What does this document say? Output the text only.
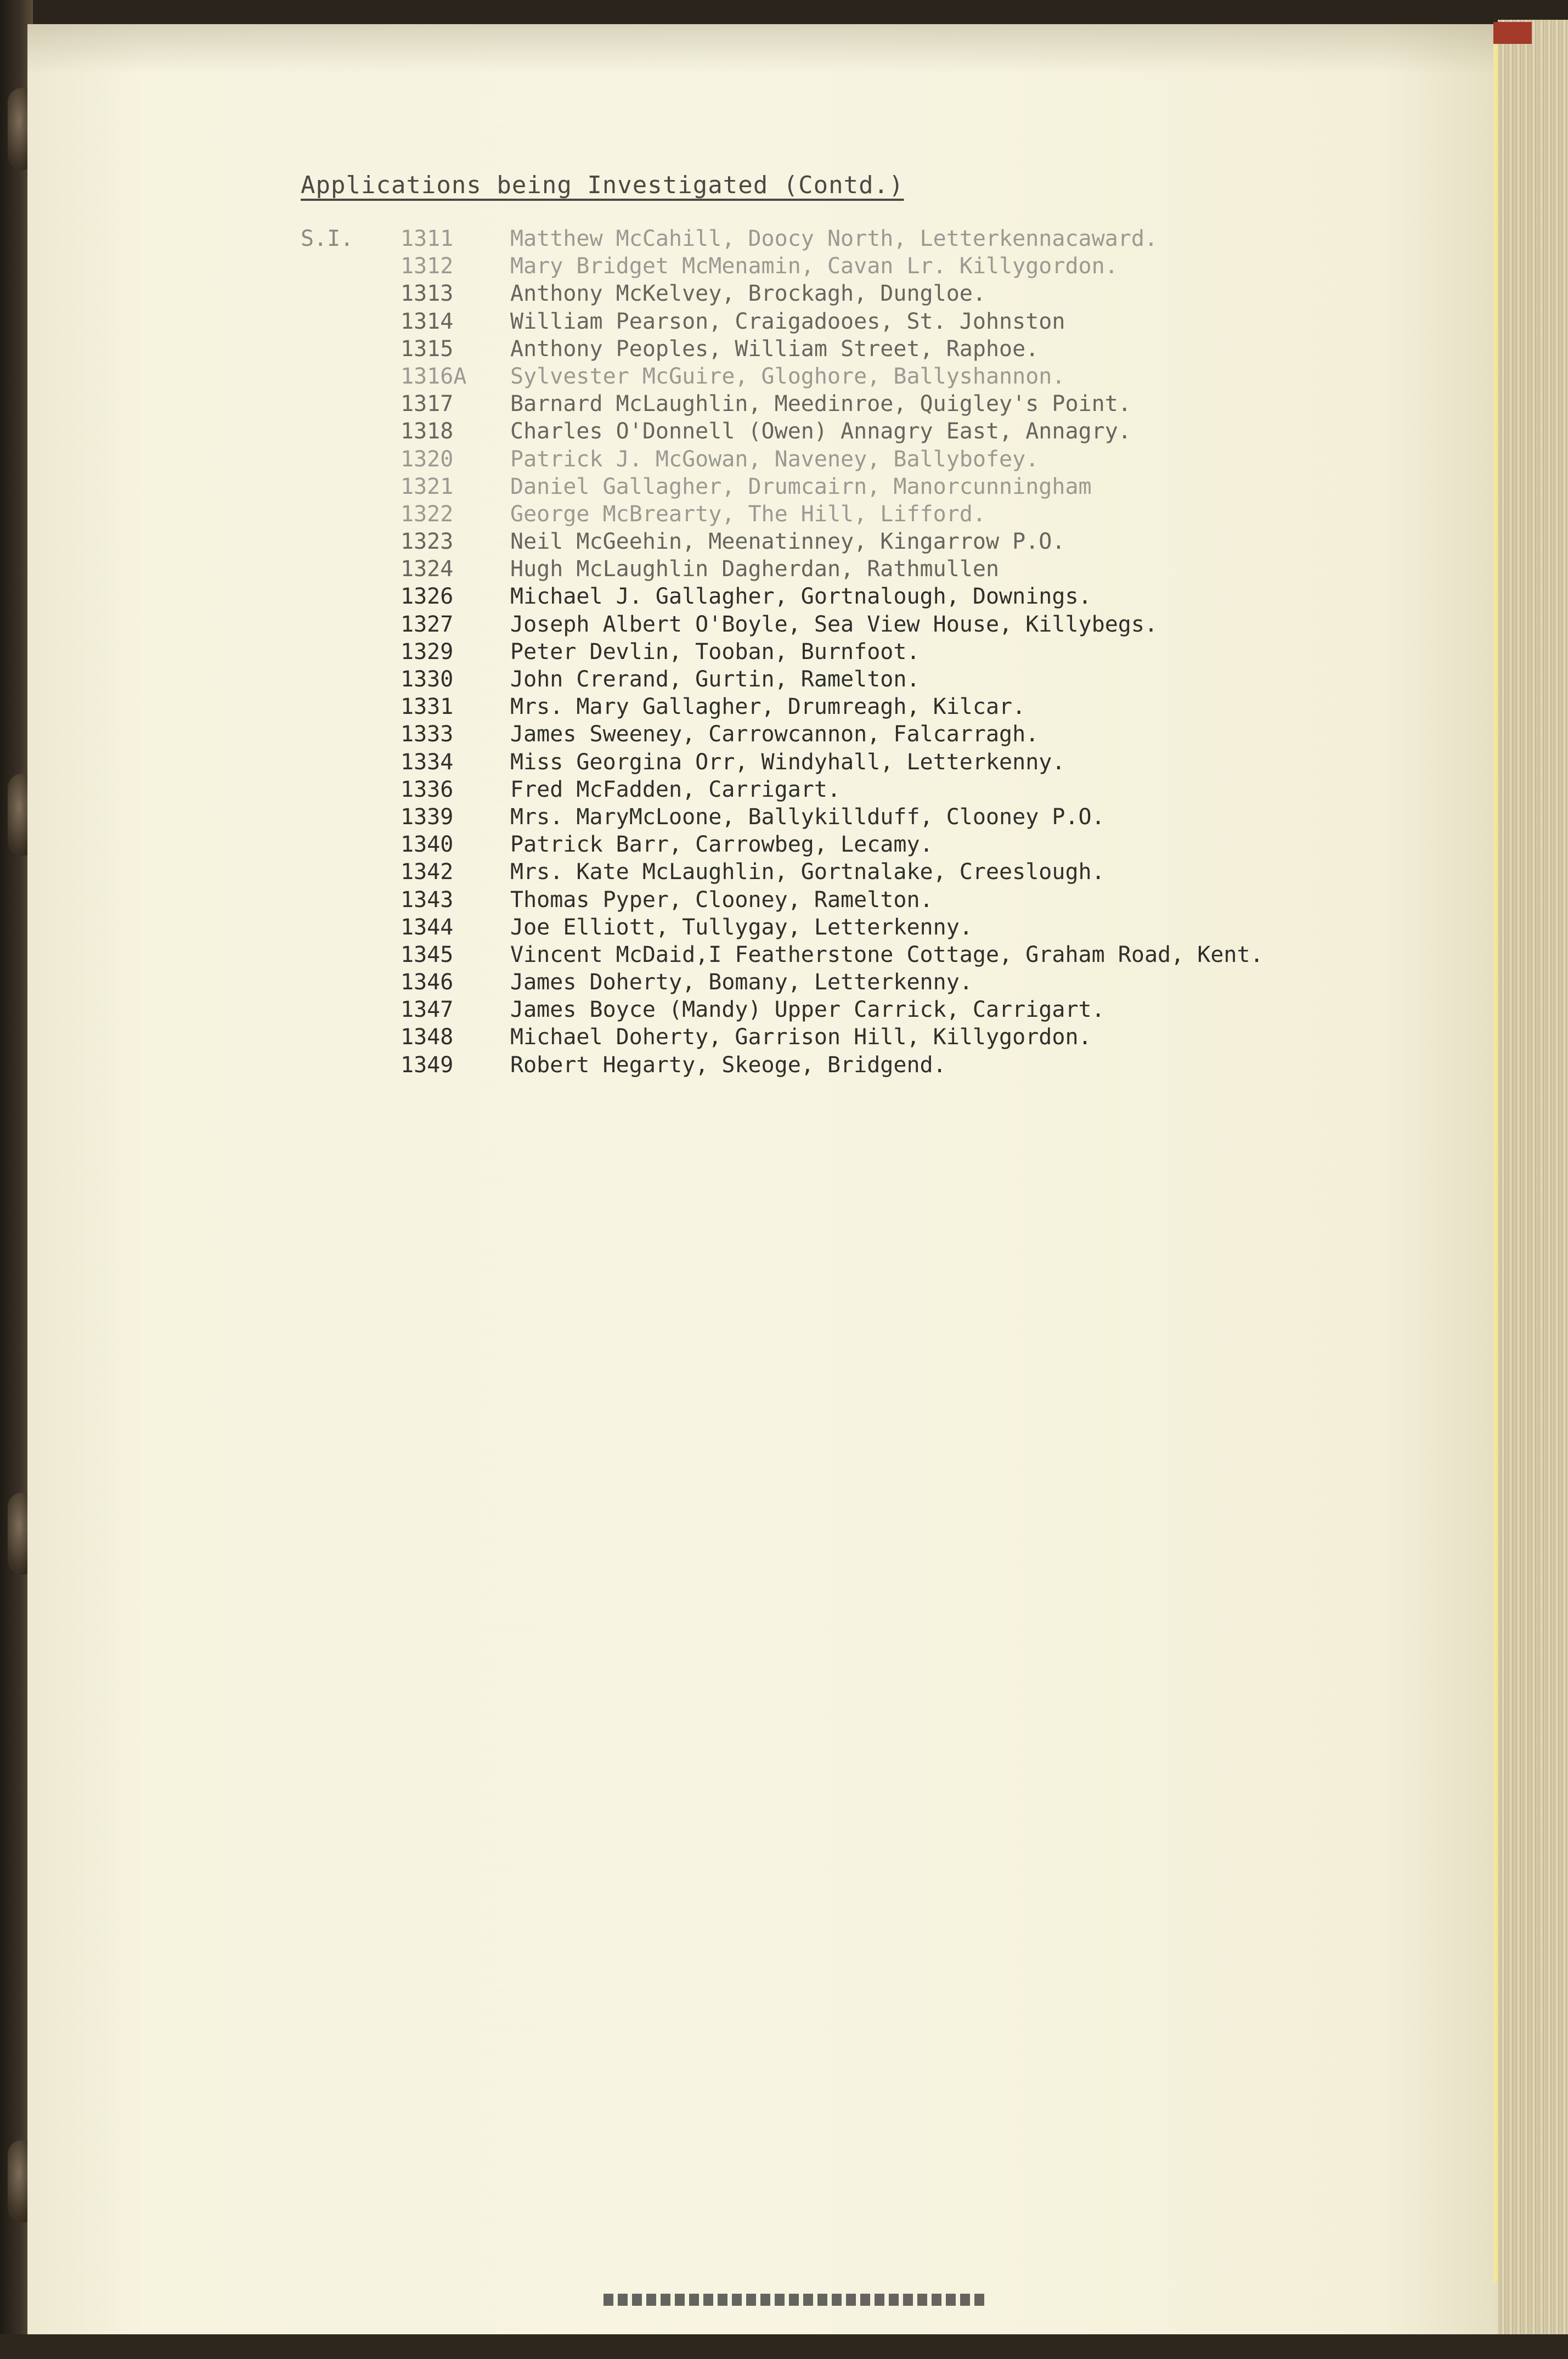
Applications being Investigated (Contd.)
S.I. 1311	Matthew McCahill, Doocy North, Letterkennacaward.
1312	Mary Bridget McMenamin, Cavan Lr. Killygordon.
1313	Anthony McKelvey, Brockagh, Dungloe.
1314	William Pearson, Craigadooes, St. Johnston
1315	Anthony Peoples, William Street, Raphoe.
1316A	Sylvester McGuire, Gloghore, Ballyshannon.
1317	Barnard McLaughlin, Meedinroe, Quigley's Point.
1318	Charles O'Donnell (Owen) Annagry East, Annagry.
1320	Patrick J. McGowan, Naveney, Ballybofey.
1321	Daniel Gallagher, Drumcairn, Manorcunningham
1322	George McBrearty, The Hill, Lifford.
1323	Neil McGeehin, Meenatinney, Kingarrow P.O.
1324	Hugh McLaughlin Dagherdan, Rathmullen
1326	Michael J. Gallagher, Gortnalough, Downings.
1327	Joseph Albert O'Boyle, Sea View House, Killybegs.
1329	Peter Devlin, Tooban, Burnfoot.
1330	John Crerand, Gurtin, Ramelton.
1331	Mrs. Mary Gallagher, Drumreagh, Kilcar.
1333	James Sweeney, Carrowcannon, Falcarragh.
1334	Miss Georgina Orr, Windyhall, Letterkenny.
1336	Fred McFadden, Carrigart.
1339	Mrs. MaryMcLoone, Ballykillduff, Clooney P.O.
1340	Patrick Barr, Carrowbeg, Lecamy.
1342	Mrs. Kate McLaughlin, Gortnalake, Creeslough.
1343	Thomas Pyper, Clooney, Ramelton.
1344	Joe Elliott, Tullygay, Letterkenny.
1345	Vincent McDaid,I Featherstone Cottage, Graham Road, Kent.
1346	James Doherty, Bomany, Letterkenny.
1347	James Boyce (Mandy) Upper Carrick, Carrigart.
1348	Michael Doherty, Garrison Hill, Killygordon.
1349	Robert Hegarty, Skeoge, Bridgend.
